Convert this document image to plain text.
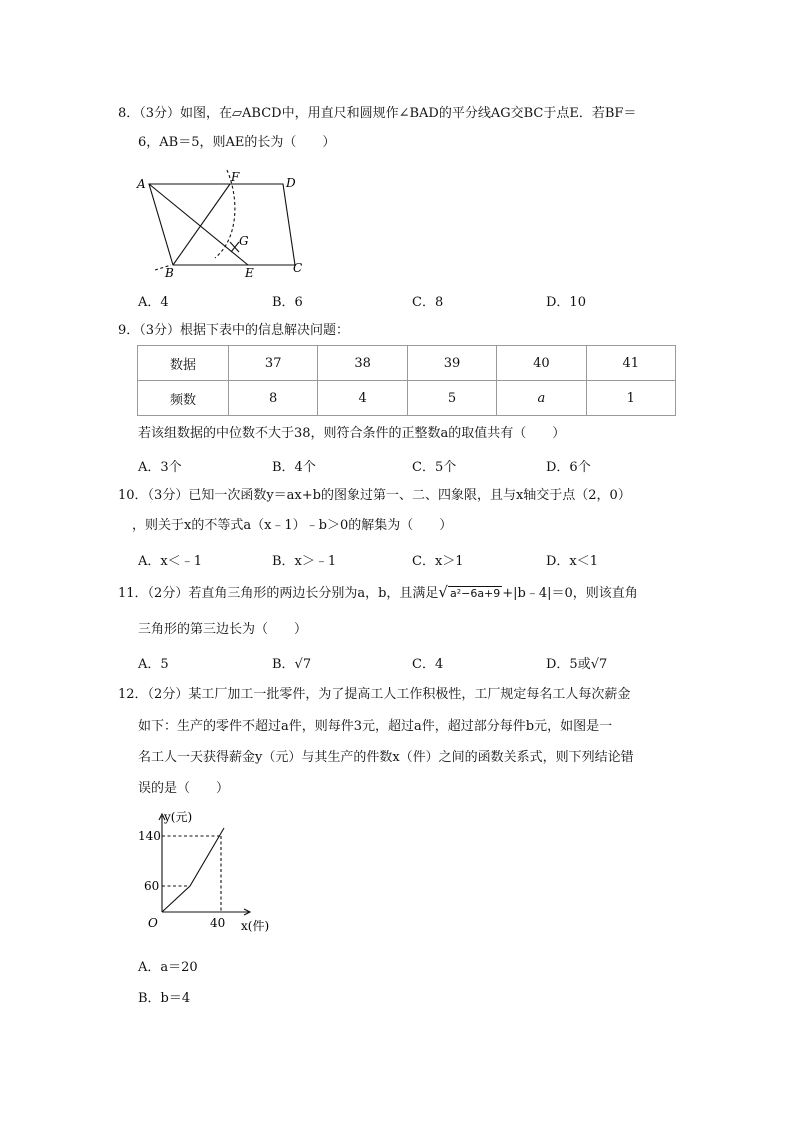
8．（3分）如图，在▱ABCD中，用直尺和圆规作∠BAD的平分线AG交BC于点E．若BF＝
6，AB＝5，则AE的长为（　　）
A	D
F
G
B	E	C
A．4	B．6	C．8	D．10
9．（3分）根据下表中的信息解决问题：
数据	37	38	39	40	41
频数	8	4	5	a	1
若该组数据的中位数不大于38，则符合条件的正整数a的取值共有（　　）
A．3个	B．4个	C．5个	D．6个
10．（3分）已知一次函数y＝ax+b的图象过第一、二、四象限，且与x轴交于点（2，0）
，则关于x的不等式a（x﹣1）﹣b＞0的解集为（　　）
A．x＜﹣1	B．x＞﹣1	C．x＞1	D．x＜1
11．（2分）若直角三角形的两边长分别为a，b，且满足√ a²−6a+9 +|b﹣4|＝0，则该直角
三角形的第三边长为（　　）
A．5	B．√7	C．4	D．5或√7
12．（2分）某工厂加工一批零件，为了提高工人工作积极性，工厂规定每名工人每次薪金
如下：生产的零件不超过a件，则每件3元，超过a件，超过部分每件b元，如图是一
名工人一天获得薪金y（元）与其生产的件数x（件）之间的函数关系式，则下列结论错
误的是（　　）
y(元)
x(件)
O
140
60
40
A．a＝20
B．b＝4
